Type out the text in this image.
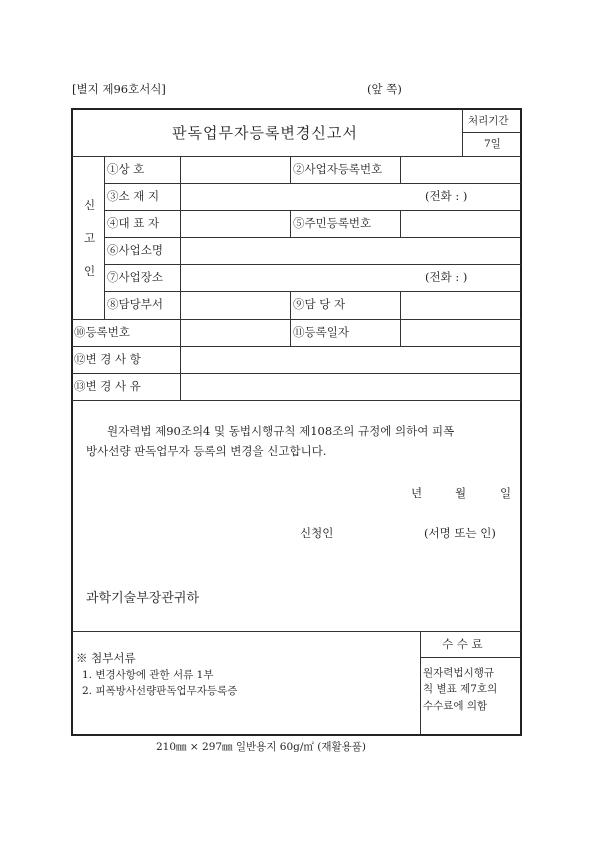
[별지 제96호서식]	(앞 쪽)
판독업무자등록변경신고서
처리기간
7일
신
고
인
①상 호	②사업자등록번호
③소 재 지	(전화 : )
④대 표 자	⑤주민등록번호
⑥사업소명
⑦사업장소	(전화 : )
⑧담당부서	⑨담 당 자
⑩등록번호	⑪등록일자
⑫변 경 사 항
⑬변 경 사 유
원자력법 제90조의4 및 동법시행규칙 제108조의 규정에 의하여 피폭
방사선량 판독업무자 등록의 변경을 신고합니다.
년	월	일
신청인	(서명 또는 인)
과학기술부장관귀하
※ 첨부서류
1. 변경사항에 관한 서류 1부
2. 피폭방사선량판독업무자등록증
수 수 료
원자력법시행규
칙 별표 제7호의
수수료에 의함
210㎜ × 297㎜ 일반용지 60g/㎡ (재활용품)
